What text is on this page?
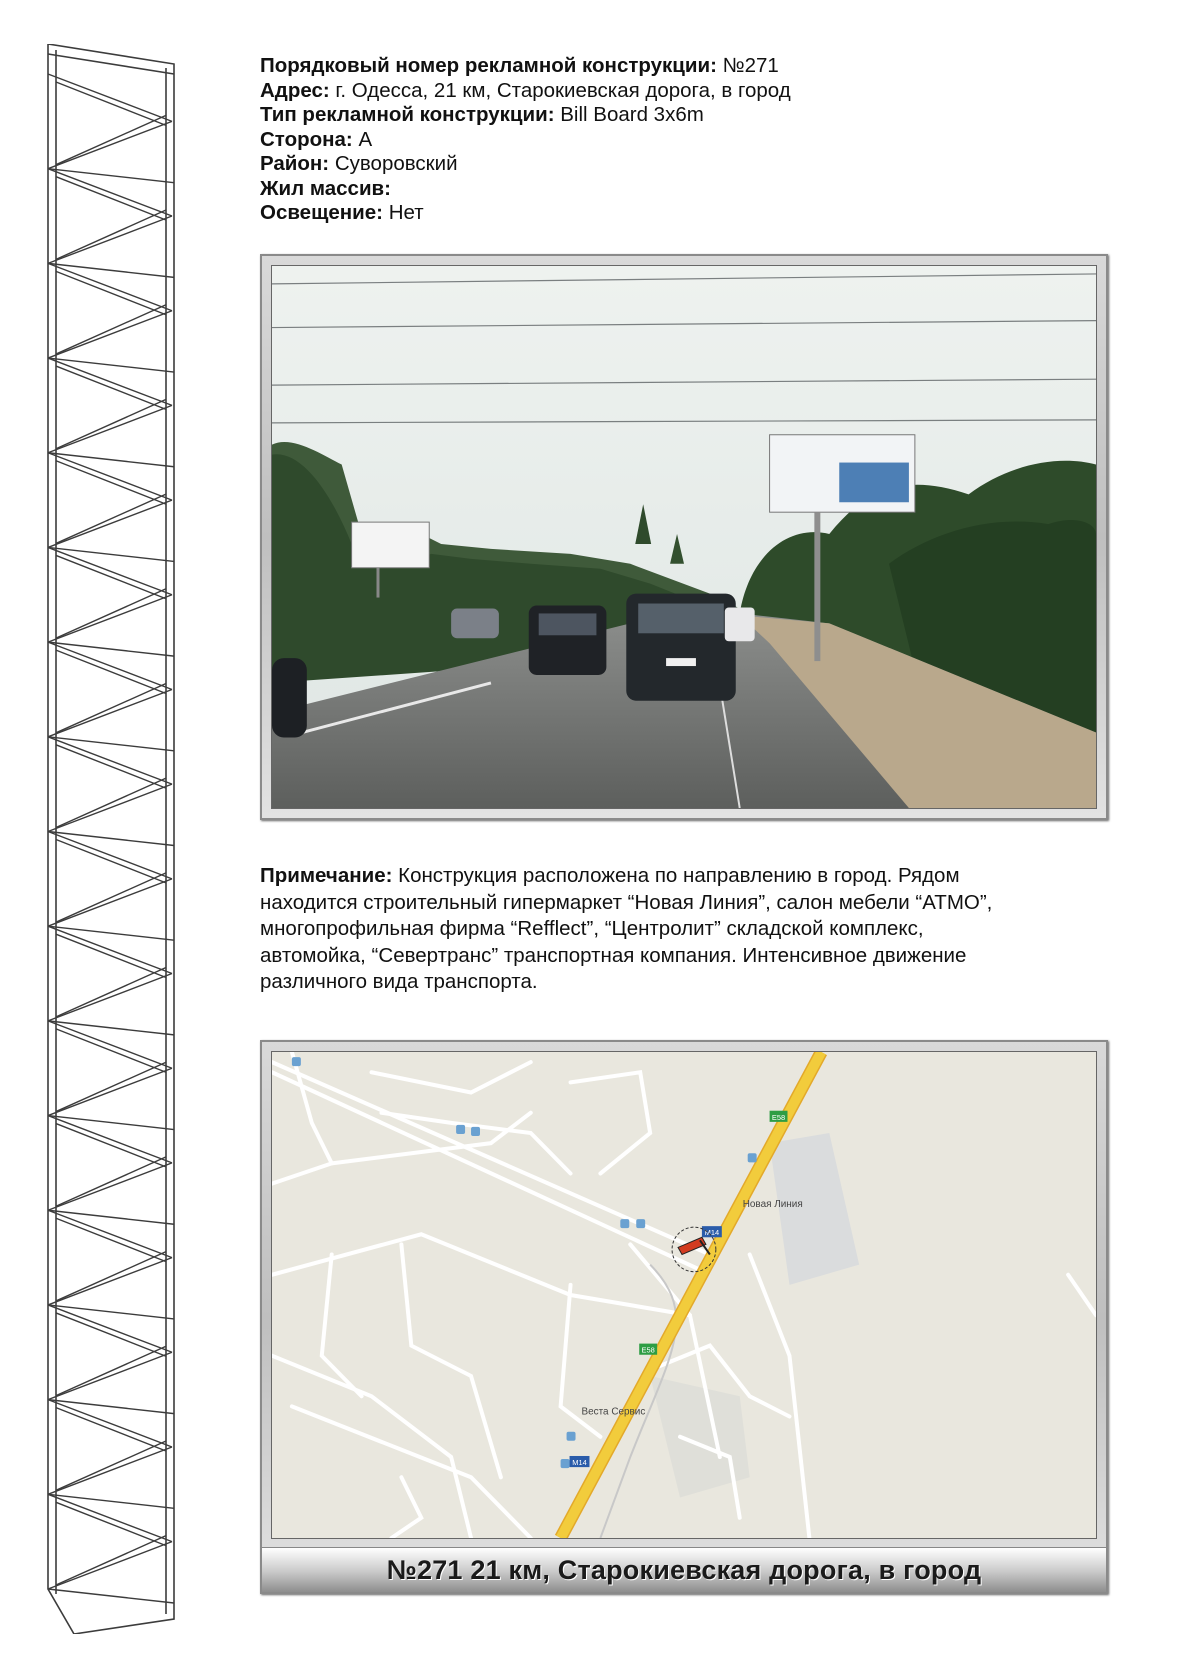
Порядковый номер рекламной конструкции: №271
Адрес: г. Одесса, 21 км, Старокиевская дорога, в город
Тип рекламной конструкции: Bill Board 3x6m
Сторона: А
Район: Суворовский
Жил массив:
Освещение: Нет
Примечание: Конструкция расположена по направлению в город. Рядом
находится строительный гипермаркет “Новая Линия”, салон мебели “АТМО”,
многопрофильная фирма “Refflect”, “Центролит” складской комплекс,
автомойка, “Севертранс” транспортная компания. Интенсивное движение
различного вида транспорта.
E58
M14
E58
M14
Новая Линия
Веста Сервис
№271 21 км, Старокиевская дорога, в город
